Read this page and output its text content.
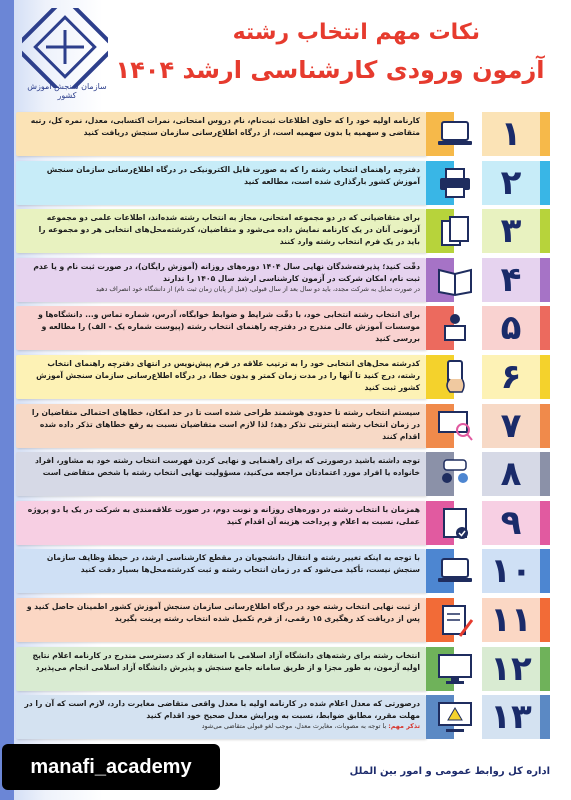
سازمان سنجش آموزش کشور
نکات مهم انتخاب رشته
آزمون ورودی کارشناسی ارشد ۱۴۰۴
کارنامه اولیه خود را که حاوی اطلاعات ثبت‌نام، نام دروس امتحانی، نمرات اکتسابی، معدل، نمره کل، رتبه متقاضی و سهمیه یا بدون سهمیه است، از درگاه اطلاع‌رسانی سازمان سنجش دریافت کنید	۱
دفترچه راهنمای انتخاب رشته را که به صورت فایل الکترونیکی در درگاه اطلاع‌رسانی سازمان سنجش آموزش کشور بارگذاری شده است، مطالعه کنید	۲
برای متقاضیانی که در دو مجموعه امتحانی، مجاز به انتخاب رشته شده‌اند، اطلاعات علمی دو مجموعه آزمونی آنان در یک کارنامه نمایش داده می‌شود و متقاضیان، کدرشته‌محل‌های انتخابی هر دو مجموعه را باید در یک فرم انتخاب رشته وارد کنند	۳
دقّت کنید؛ پذیرفته‌شدگان نهایی سال ۱۴۰۴ دوره‌های روزانه (آموزش رایگان)، در صورت ثبت نام و یا عدم ثبت نام، امکان شرکت در آزمون کارشناسی ارشد سال ۱۴۰۵ را ندارند
در صورت تمایل به شرکت مجدد، باید دو سال بعد از سال قبولی، (قبل از پایان زمان ثبت نام) از دانشگاه خود انصراف دهید	۴
برای انتخاب رشته انتخابی خود، با دقّت شرایط و ضوابط خوابگاه، آدرس، شماره تماس و... دانشگاه‌ها و موسسات آموزش عالی مندرج در دفترچه راهنمای انتخاب رشته (پیوست شماره یک - الف) را مطالعه و بررسی کنید	۵
کدرشته محل‌های انتخابی خود را به ترتیب علاقه در فرم پیش‌نویس در انتهای دفترچه راهنمای انتخاب رشته، درج کنید تا آنها را در مدت زمان کمتر و بدون خطا، در درگاه اطلاع‌رسانی سازمان سنجش آموزش کشور ثبت کنید	۶
سیستم انتخاب رشته تا حدودی هوشمند طراحی شده است تا در حد امکان، خطاهای احتمالی متقاضیان را در زمان انتخاب رشته اینترنتی تذکر دهد؛ لذا لازم است متقاضیان نسبت به رفع خطاهای تذکر داده شده اقدام کنند	۷
توجه داشته باشید درصورتی که برای راهنمایی و نهایی کردن فهرست انتخاب رشته خود به مشاور، افراد خانواده یا افراد مورد اعتمادتان مراجعه می‌کنید، مسؤولیت نهایی انتخاب رشته با شخص متقاضی است	۸
همزمان با انتخاب رشته در دوره‌های روزانه و نوبت دوم، در صورت علاقه‌مندی به شرکت در یک یا دو پروژه عملی، نسبت به اعلام و پرداخت هزینه آن اقدام کنید	۹
با توجه به اینکه تغییر رشته و انتقال دانشجویان در مقطع کارشناسی ارشد، در حیطهٔ وظایف سازمان سنجش نیست، تأکید می‌شود که در زمان انتخاب رشته و ثبت کدرشته‌محل‌ها بسیار دقت کنید ۱۰
از ثبت نهایی انتخاب رشته خود در درگاه اطلاع‌رسانی سازمان سنجش آموزش کشور اطمینان حاصل کنید و پس از دریافت کد رهگیری ۱۵ رقمی، از فرم تکمیل شده انتخاب رشته پرینت بگیرید ۱۱
انتخاب رشته برای رشته‌های دانشگاه آزاد اسلامی با استفاده از کد دسترسی مندرج در کارنامه اعلام نتایج اولیه آزمون، به طور مجزا و از طریق سامانه جامع سنجش و پذیرش دانشگاه آزاد اسلامی انجام می‌پذیرد ۱۲
درصورتی که معدل اعلام شده در کارنامه اولیه با معدل واقعی متقاضی مغایرت دارد، لازم است که آن را در مهلت مقرر، مطابق ضوابط، نسبت به ویرایش معدل صحیح خود اقدام کنید
تذکر مهم: با توجه به مصوبات، مغایرت معدل، موجب لغو قبولی متقاضی می‌شود	۱۳
اداره کل روابط عمومی و امور بین الملل
manafi_academy
